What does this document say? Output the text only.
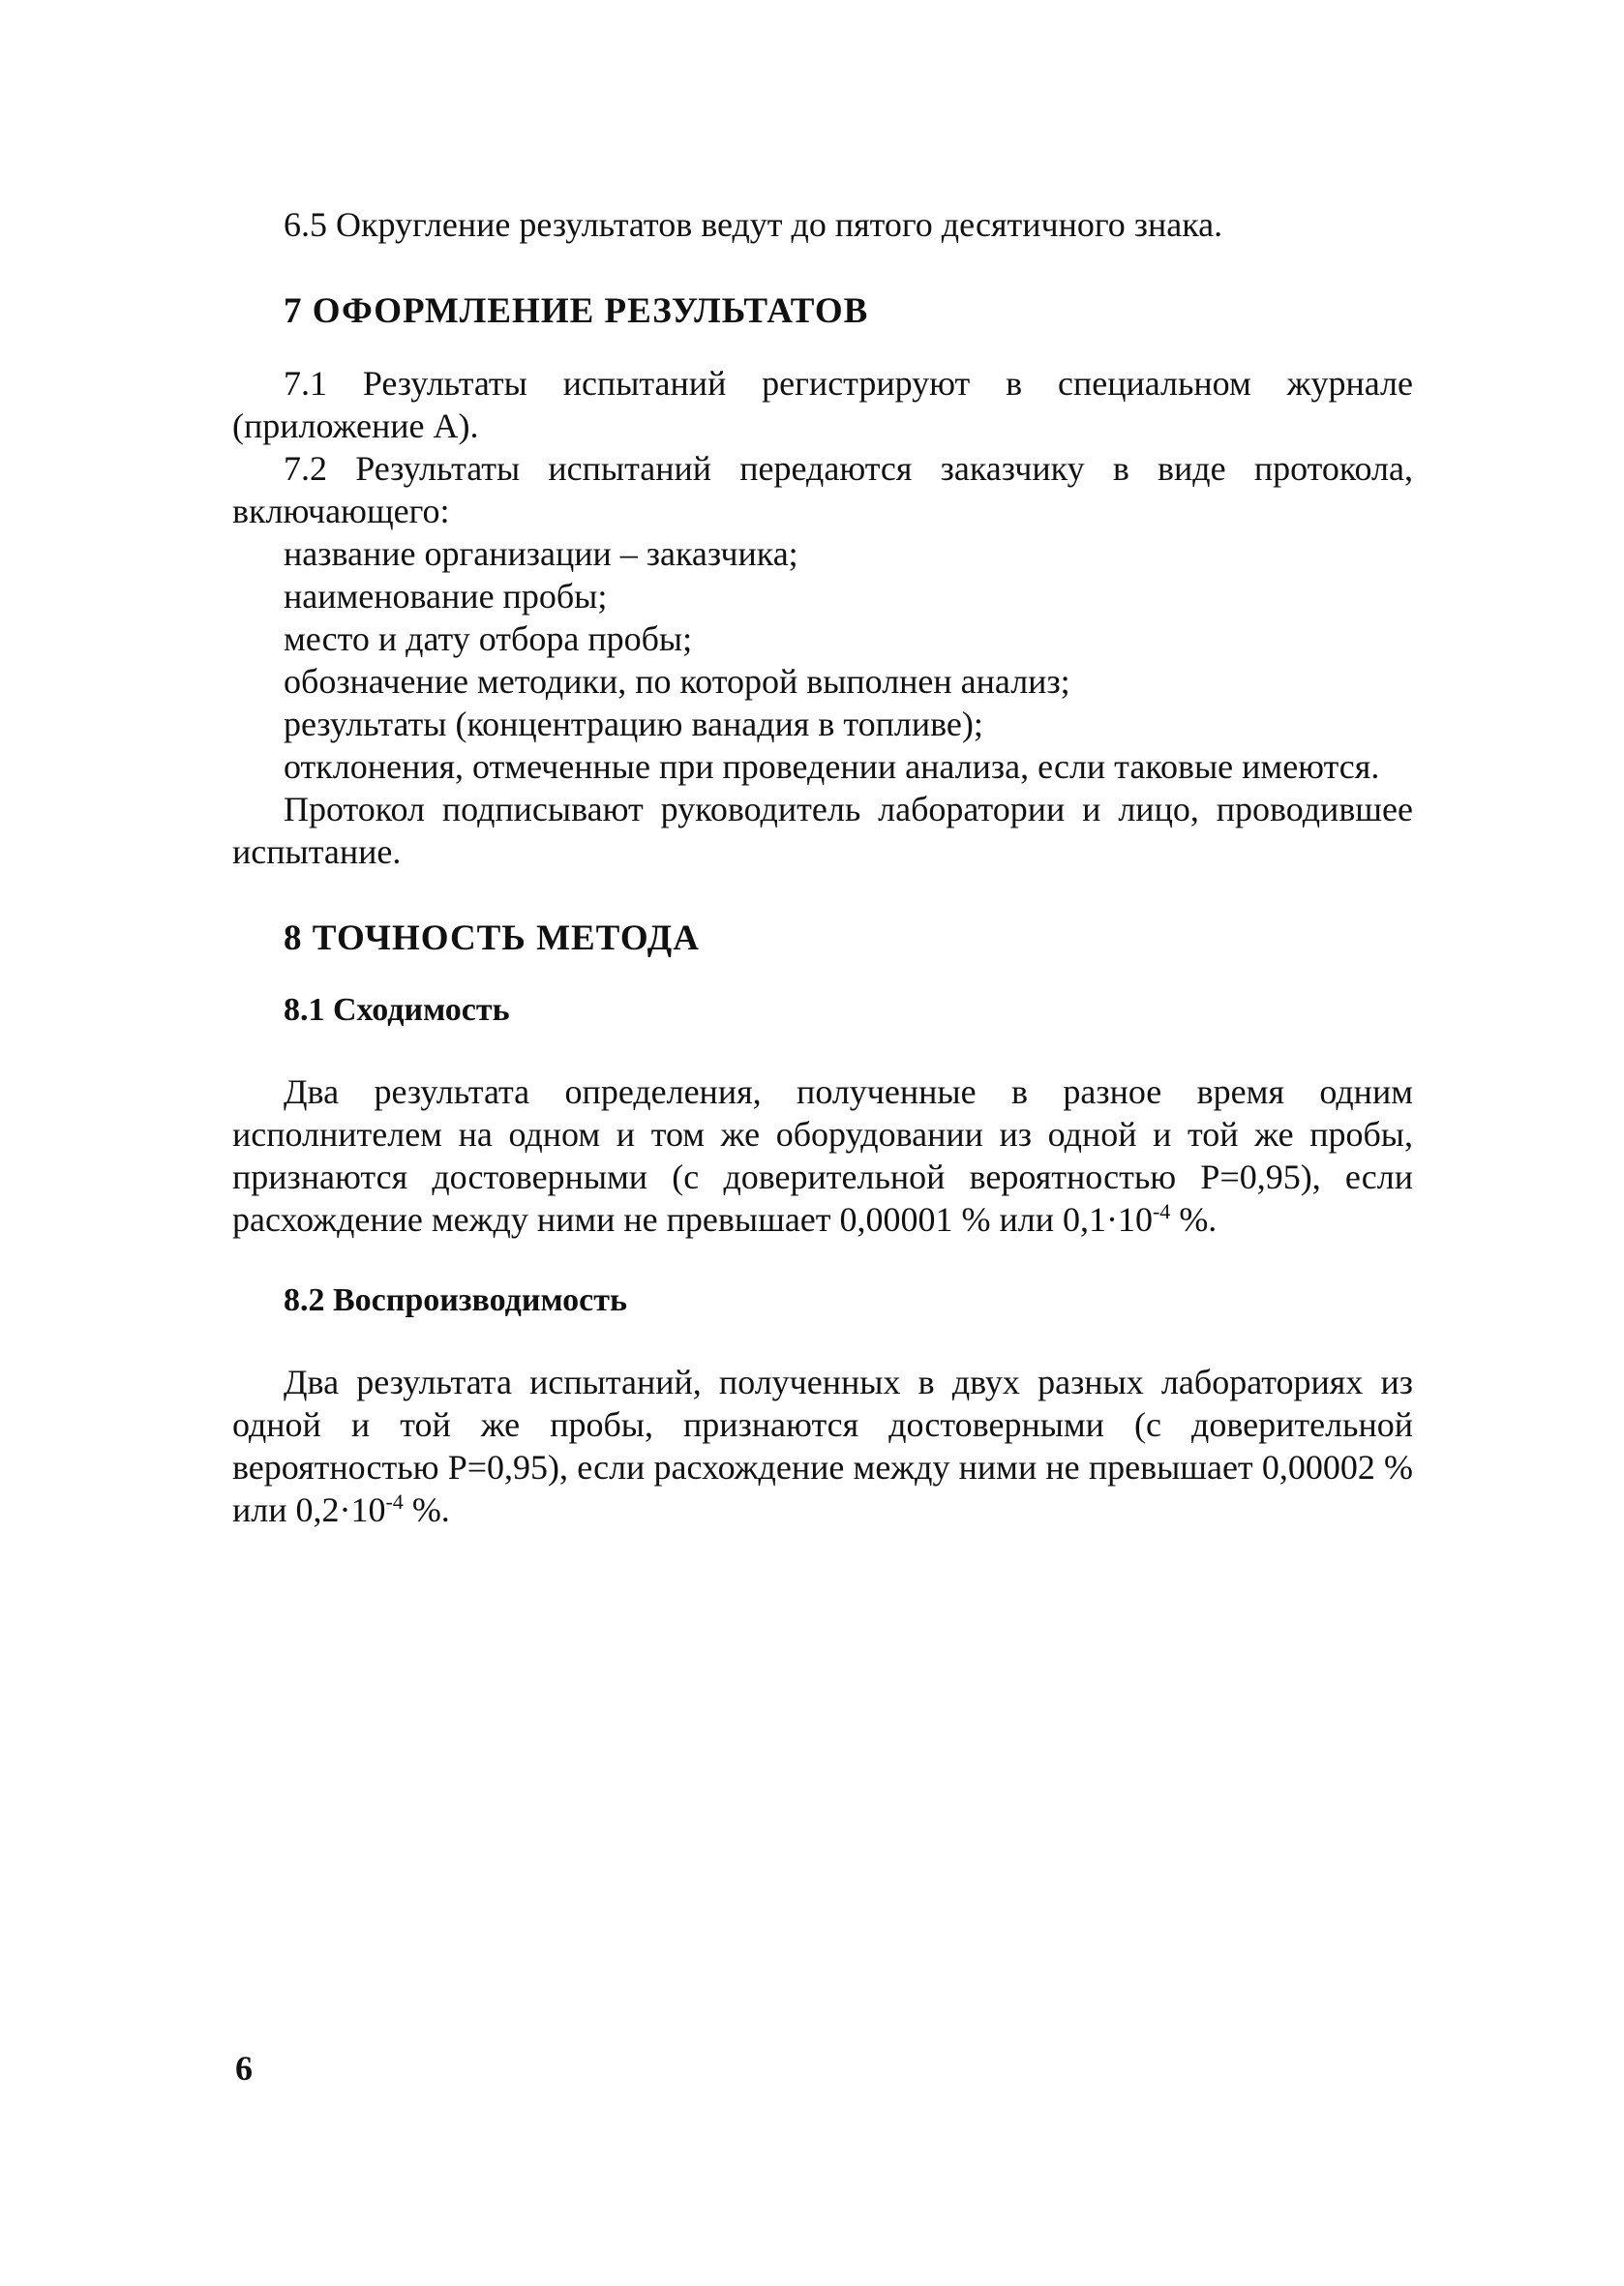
6.5 Округление результатов ведут до пятого десятичного знака.

7 ОФОРМЛЕНИЕ РЕЗУЛЬТАТОВ

7.1 Результаты испытаний регистрируют в специальном журнале (приложение А).

7.2 Результаты испытаний передаются заказчику в виде протокола, включающего:

название организации – заказчика;

наименование пробы;

место и дату отбора пробы;

обозначение методики, по которой выполнен анализ;

результаты (концентрацию ванадия в топливе);

отклонения, отмеченные при проведении анализа, если таковые имеются.

Протокол подписывают руководитель лаборатории и лицо, проводившее испытание.

8 ТОЧНОСТЬ МЕТОДА
8.1 Сходимость

Два результата определения, полученные в разное время одним исполнителем на одном и том же оборудовании из одной и той же пробы, признаются достоверными (с доверительной вероятностью Р=0,95), если расхождение между ними не превышает 0,00001 % или $0,1\cdot 10^{-4}$ %.

8.2 Воспроизводимость

Два результата испытаний, полученных в двух разных лабораториях из одной и той же пробы, признаются достоверными (с доверительной вероятностью Р=0,95), если расхождение между ними не превышает 0,00002 % или $0,2\cdot 10^{-4}$ %.

6
